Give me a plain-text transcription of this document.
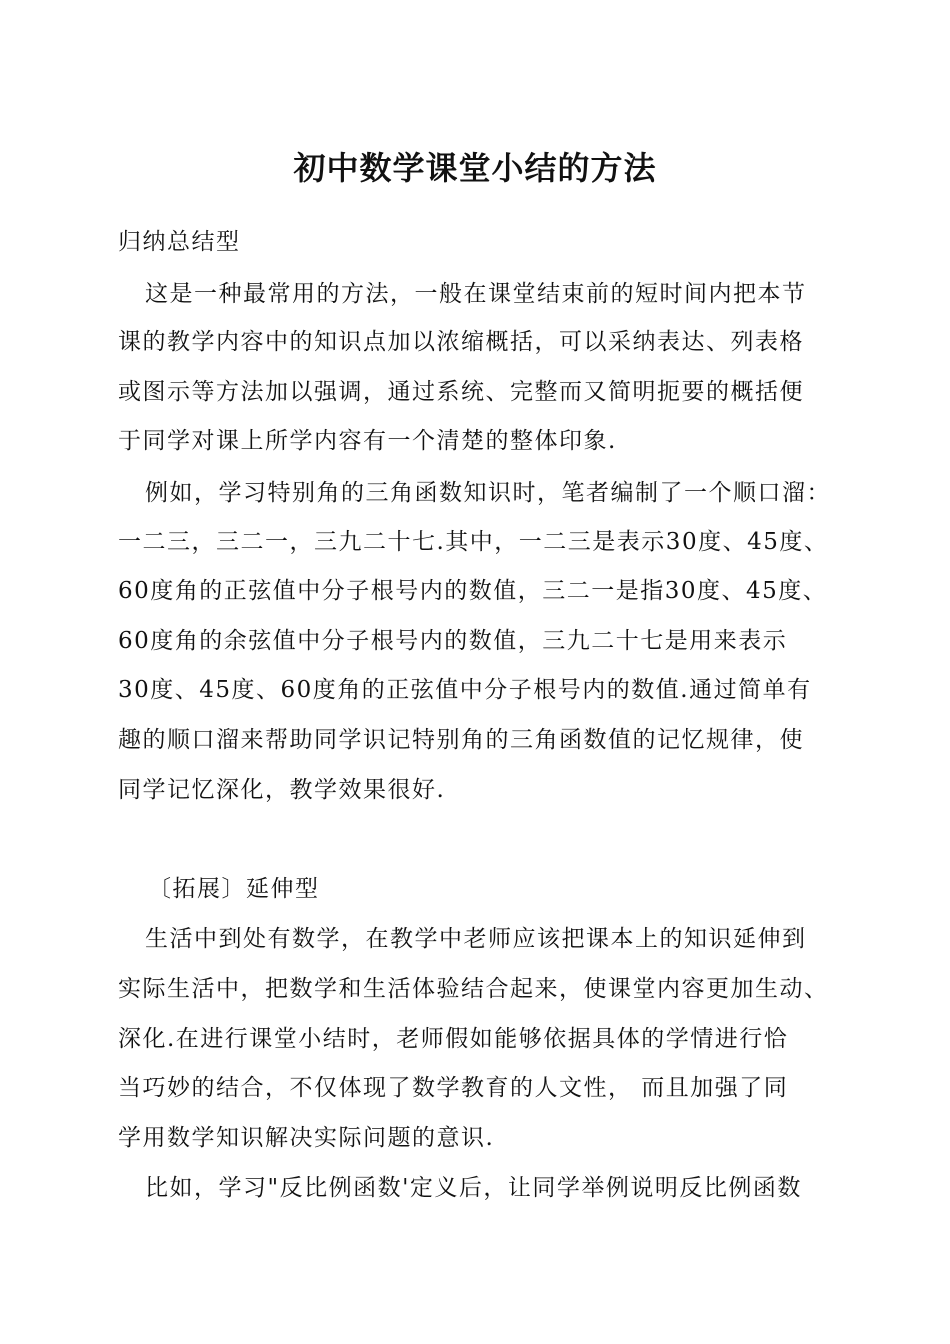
初中数学课堂小结的方法
归纳总结型
这是一种最常用的方法，一般在课堂结束前的短时间内把本节
课的教学内容中的知识点加以浓缩概括，可以采纳表达、列表格
或图示等方法加以强调，通过系统、完整而又简明扼要的概括便
于同学对课上所学内容有一个清楚的整体印象.
例如，学习特别角的三角函数知识时，笔者编制了一个顺口溜：
一二三，三二一，三九二十七.其中，一二三是表示30度、45度、
60度角的正弦值中分子根号内的数值，三二一是指30度、45度、
60度角的余弦值中分子根号内的数值，三九二十七是用来表示
30度、45度、60度角的正弦值中分子根号内的数值.通过简单有
趣的顺口溜来帮助同学识记特别角的三角函数值的记忆规律，使
同学记忆深化，教学效果很好.
〔拓展〕延伸型
生活中到处有数学，在教学中老师应该把课本上的知识延伸到
实际生活中，把数学和生活体验结合起来，使课堂内容更加生动、
深化.在进行课堂小结时，老师假如能够依据具体的学情进行恰
当巧妙的结合，不仅体现了数学教育的人文性， 而且加强了同
学用数学知识解决实际问题的意识.
比如，学习"反比例函数'定义后，让同学举例说明反比例函数
